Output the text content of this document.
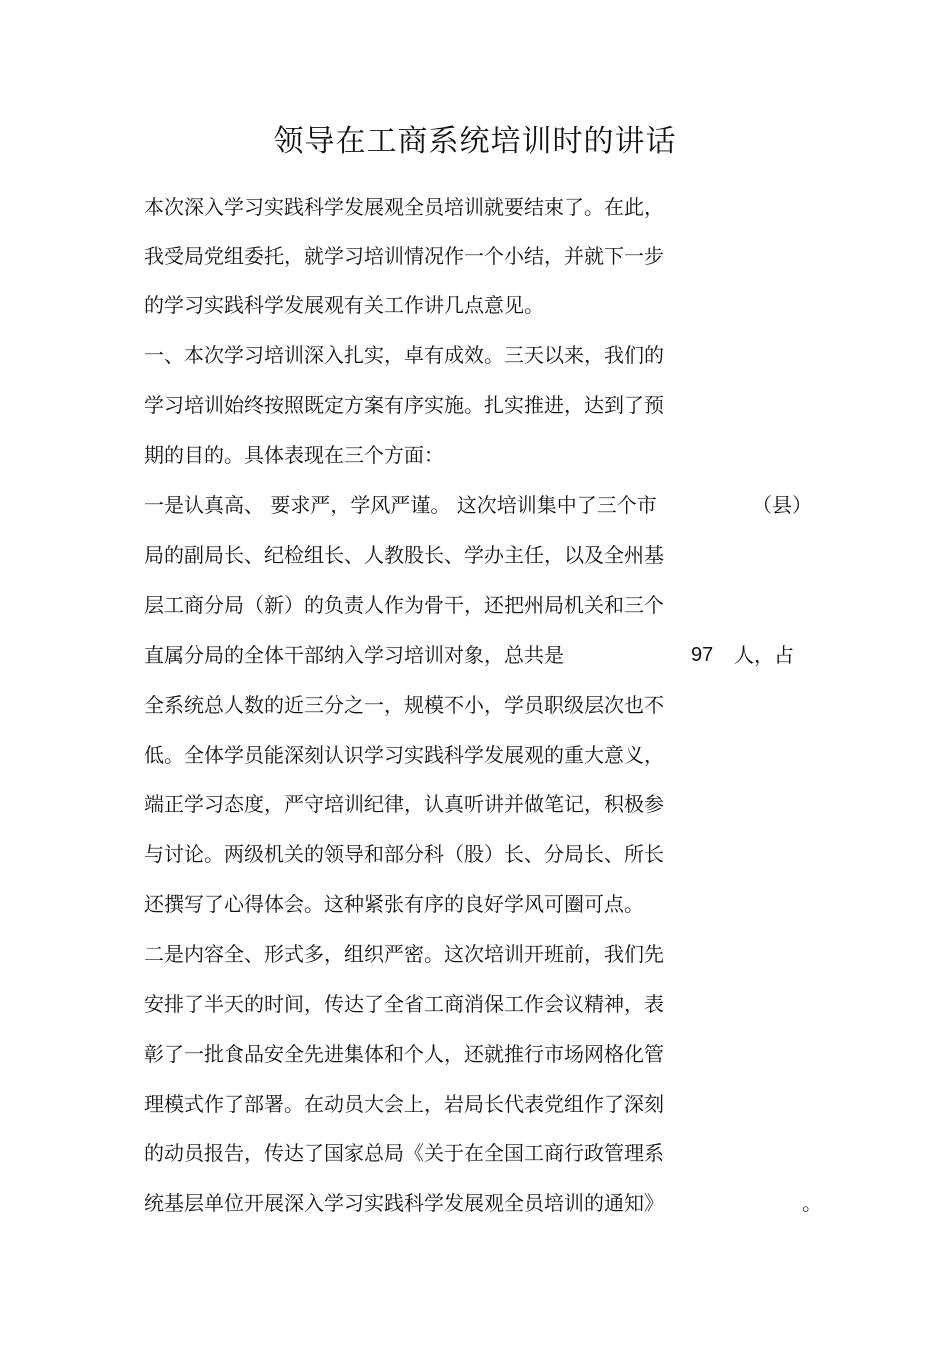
领导在工商系统培训时的讲话
本次深入学习实践科学发展观全员培训就要结束了。在此，
我受局党组委托，就学习培训情况作一个小结，并就下一步
的学习实践科学发展观有关工作讲几点意见。
一、本次学习培训深入扎实，卓有成效。三天以来，我们的
学习培训始终按照既定方案有序实施。扎实推进，达到了预
期的目的。具体表现在三个方面：
一是认真高、 要求严，学风严谨。 这次培训集中了三个市	（县）
局的副局长、纪检组长、人教股长、学办主任，以及全州基
层工商分局（新）的负责人作为骨干，还把州局机关和三个
直属分局的全体干部纳入学习培训对象，总共是	97 人，占
全系统总人数的近三分之一，规模不小，学员职级层次也不
低。全体学员能深刻认识学习实践科学发展观的重大意义，
端正学习态度，严守培训纪律，认真听讲并做笔记，积极参
与讨论。两级机关的领导和部分科（股）长、分局长、所长
还撰写了心得体会。这种紧张有序的良好学风可圈可点。
二是内容全、形式多，组织严密。这次培训开班前，我们先
安排了半天的时间，传达了全省工商消保工作会议精神，表
彰了一批食品安全先进集体和个人，还就推行市场网格化管
理模式作了部署。在动员大会上，岩局长代表党组作了深刻
的动员报告，传达了国家总局《关于在全国工商行政管理系
统基层单位开展深入学习实践科学发展观全员培训的通知》	。
